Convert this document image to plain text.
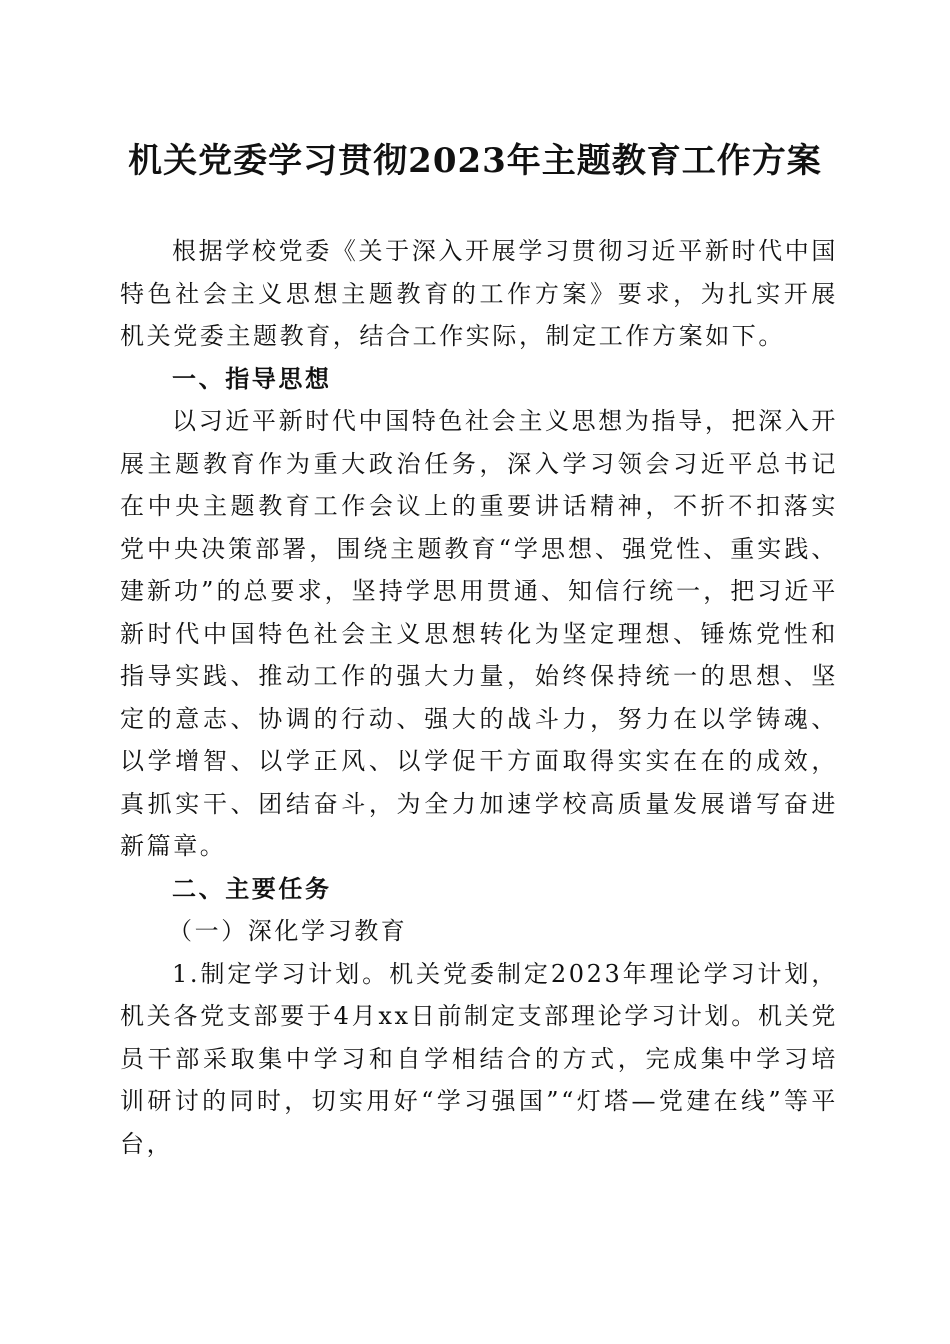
机关党委学习贯彻2023年主题教育工作方案

根据学校党委《关于深入开展学习贯彻习近平新时代中国特色社会主义思想主题教育的工作方案》要求，为扎实开展机关党委主题教育，结合工作实际，制定工作方案如下。

一、指导思想

以习近平新时代中国特色社会主义思想为指导，把深入开展主题教育作为重大政治任务，深入学习领会习近平总书记在中央主题教育工作会议上的重要讲话精神，不折不扣落实党中央决策部署，围绕主题教育“学思想、强党性、重实践、建新功”的总要求，坚持学思用贯通、知信行统一，把习近平新时代中国特色社会主义思想转化为坚定理想、锤炼党性和指导实践、推动工作的强大力量，始终保持统一的思想、坚定的意志、协调的行动、强大的战斗力，努力在以学铸魂、以学增智、以学正风、以学促干方面取得实实在在的成效，真抓实干、团结奋斗，为全力加速学校高质量发展谱写奋进新篇章。

二、主要任务

（一）深化学习教育

1.制定学习计划。机关党委制定2023年理论学习计划，机关各党支部要于4月xx日前制定支部理论学习计划。机关党员干部采取集中学习和自学相结合的方式，完成集中学习培训研讨的同时，切实用好“学习强国”“灯塔—党建在线”等平台，
